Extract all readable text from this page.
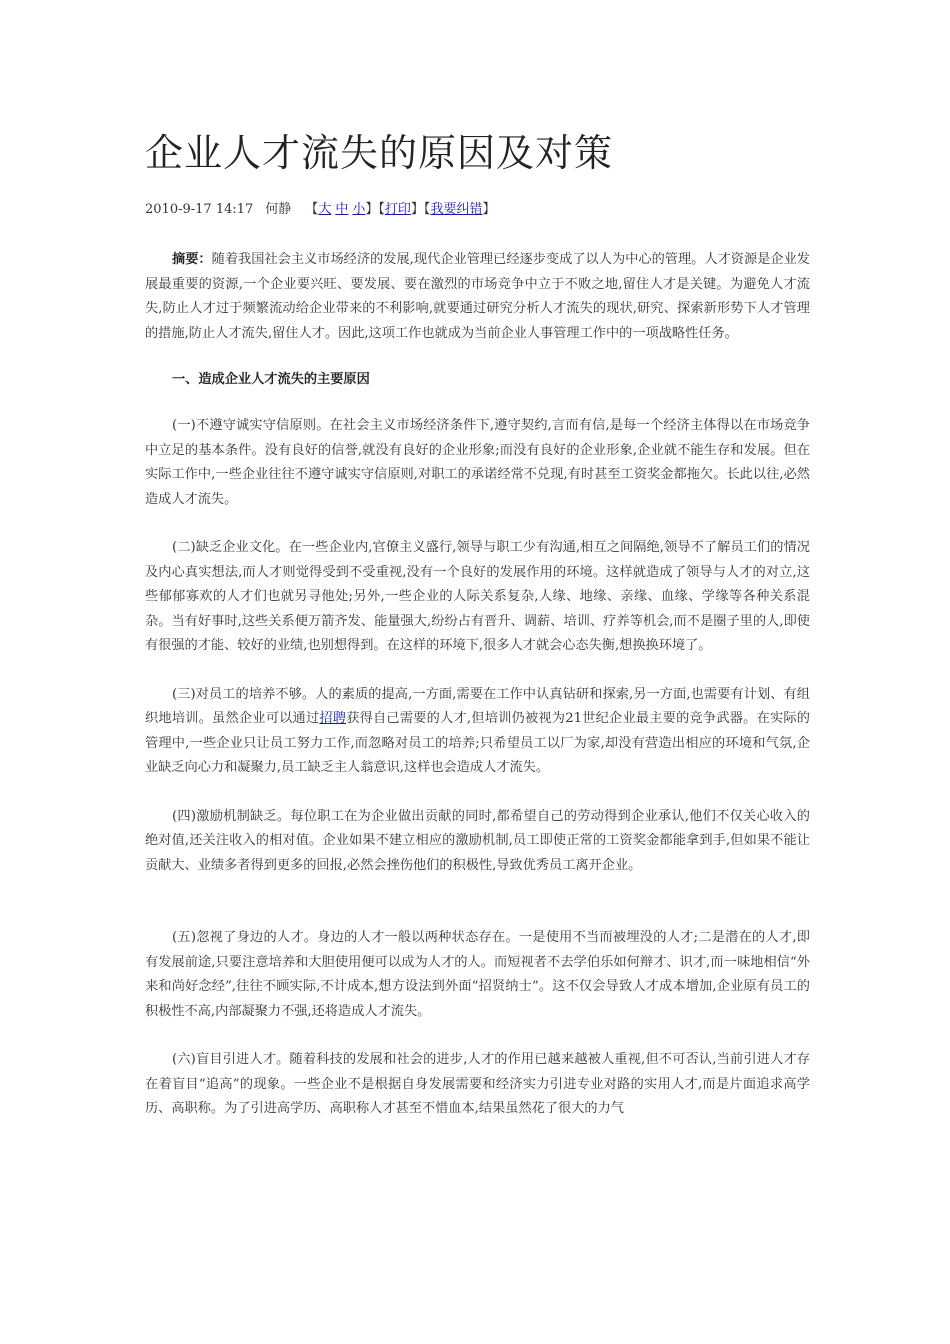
企业人才流失的原因及对策
2010-9-17 14:17 何静 【大 中 小】【打印】【我要纠错】

摘要：随着我国社会主义市场经济的发展,现代企业管理已经逐步变成了以人为中心的管理。人才资源是企业发展最重要的资源,一个企业要兴旺、要发展、要在激烈的市场竞争中立于不败之地,留住人才是关键。为避免人才流失,防止人才过于频繁流动给企业带来的不利影响,就要通过研究分析人才流失的现状,研究、探索新形势下人才管理的措施,防止人才流失,留住人才。因此,这项工作也就成为当前企业人事管理工作中的一项战略性任务。

一、造成企业人才流失的主要原因

(一)不遵守诚实守信原则。在社会主义市场经济条件下,遵守契约,言而有信,是每一个经济主体得以在市场竞争中立足的基本条件。没有良好的信誉,就没有良好的企业形象;而没有良好的企业形象,企业就不能生存和发展。但在实际工作中,一些企业往往不遵守诚实守信原则,对职工的承诺经常不兑现,有时甚至工资奖金都拖欠。长此以往,必然造成人才流失。

(二)缺乏企业文化。在一些企业内,官僚主义盛行,领导与职工少有沟通,相互之间隔绝,领导不了解员工们的情况及内心真实想法,而人才则觉得受到不受重视,没有一个良好的发展作用的环境。这样就造成了领导与人才的对立,这些郁郁寡欢的人才们也就另寻他处;另外,一些企业的人际关系复杂,人缘、地缘、亲缘、血缘、学缘等各种关系混杂。当有好事时,这些关系便万箭齐发、能量强大,纷纷占有晋升、调薪、培训、疗养等机会,而不是圈子里的人,即使有很强的才能、较好的业绩,也别想得到。在这样的环境下,很多人才就会心态失衡,想换换环境了。

(三)对员工的培养不够。人的素质的提高,一方面,需要在工作中认真钻研和探索,另一方面,也需要有计划、有组织地培训。虽然企业可以通过招聘获得自己需要的人才,但培训仍被视为21世纪企业最主要的竞争武器。在实际的管理中,一些企业只让员工努力工作,而忽略对员工的培养;只希望员工以厂为家,却没有营造出相应的环境和气氛,企业缺乏向心力和凝聚力,员工缺乏主人翁意识,这样也会造成人才流失。

(四)激励机制缺乏。每位职工在为企业做出贡献的同时,都希望自己的劳动得到企业承认,他们不仅关心收入的绝对值,还关注收入的相对值。企业如果不建立相应的激励机制,员工即使正常的工资奖金都能拿到手,但如果不能让贡献大、业绩多者得到更多的回报,必然会挫伤他们的积极性,导致优秀员工离开企业。

(五)忽视了身边的人才。身边的人才一般以两种状态存在。一是使用不当而被埋没的人才;二是潜在的人才,即有发展前途,只要注意培养和大胆使用便可以成为人才的人。而短视者不去学伯乐如何辩才、识才,而一味地相信“外来和尚好念经”,往往不顾实际,不计成本,想方设法到外面“招贤纳士”。这不仅会导致人才成本增加,企业原有员工的积极性不高,内部凝聚力不强,还将造成人才流失。

(六)盲目引进人才。随着科技的发展和社会的进步,人才的作用已越来越被人重视,但不可否认,当前引进人才存在着盲目“追高”的现象。一些企业不是根据自身发展需要和经济实力引进专业对路的实用人才,而是片面追求高学历、高职称。为了引进高学历、高职称人才甚至不惜血本,结果虽然花了很大的力气
